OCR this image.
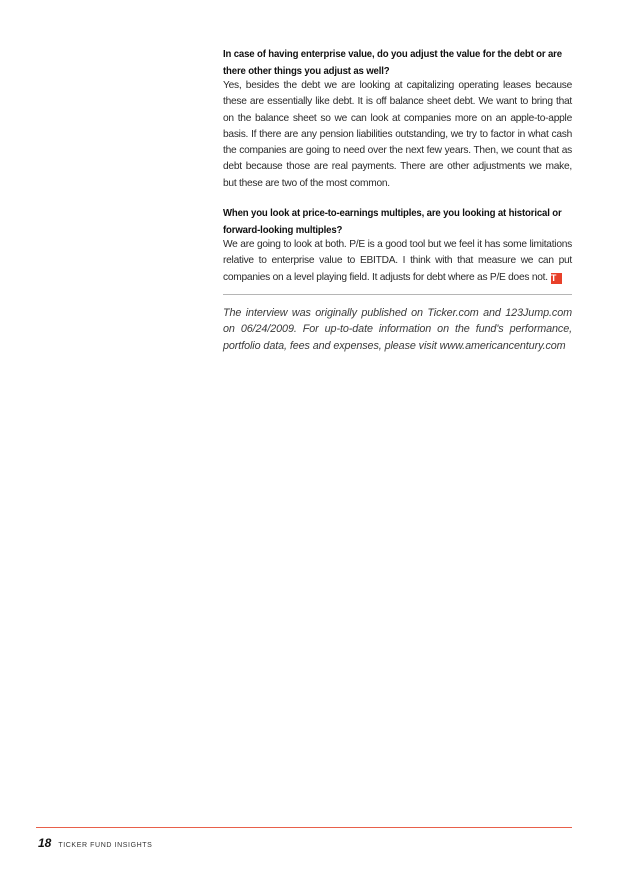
In case of having enterprise value, do you adjust the value for the debt or are there other things you adjust as well?

Yes, besides the debt we are looking at capitalizing operating leases because these are essentially like debt. It is off balance sheet debt. We want to bring that on the balance sheet so we can look at companies more on an apple-to-apple basis. If there are any pension liabilities outstanding, we try to factor in what cash the companies are going to need over the next few years. Then, we count that as debt because those are real payments. There are other adjustments we make, but these are two of the most common.

When you look at price-to-earnings multiples, are you looking at historical or forward-looking multiples?

We are going to look at both. P/E is a good tool but we feel it has some limitations relative to enterprise value to EBITDA. I think with that measure we can put companies on a level playing field. It adjusts for debt where as P/E does not. T

The interview was originally published on Ticker.com and 123Jump.com on 06/24/2009. For up-to-date information on the fund's performance, portfolio data, fees and expenses, please visit www.americancentury.com

18 TICKER FUND INSIGHTS
